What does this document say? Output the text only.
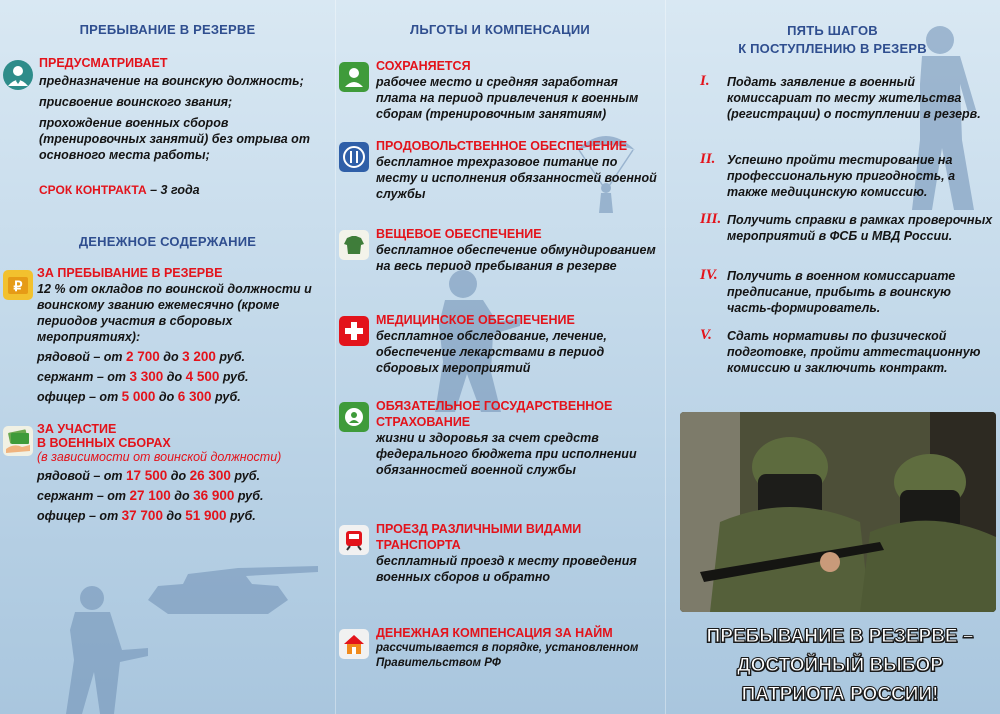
ПРЕБЫВАНИЕ В РЕЗЕРВЕ
ПРЕДУСМАТРИВАЕТ
предназначение на воинскую должность;
присвоение воинского звания;
прохождение военных сборов (тренировочных занятий) без отрыва от основного места работы;
СРОК КОНТРАКТА – 3 года
ДЕНЕЖНОЕ СОДЕРЖАНИЕ
₽
ЗА ПРЕБЫВАНИЕ В РЕЗЕРВЕ
12 % от окладов по воинской должности и воинскому званию ежемесячно (кроме периодов участия в сборовых мероприятиях):
рядовой – от 2 700 до 3 200 руб.
сержант – от 3 300 до 4 500 руб.
офицер – от 5 000 до 6 300 руб.
ЗА УЧАСТИЕ
В ВОЕННЫХ СБОРАХ
(в зависимости от воинской должности)
рядовой – от 17 500 до 26 300 руб.
сержант – от 27 100 до 36 900 руб.
офицер – от 37 700 до 51 900 руб.
ЛЬГОТЫ И КОМПЕНСАЦИИ
СОХРАНЯЕТСЯ
рабочее место и средняя заработная плата на период привлечения к военным сборам (тренировочным занятиям)
ПРОДОВОЛЬСТВЕННОЕ ОБЕСПЕЧЕНИЕ
бесплатное трехразовое питание по месту и исполнения обязанностей военной службы
ВЕЩЕВОЕ ОБЕСПЕЧЕНИЕ
бесплатное обеспечение обмундированием на весь период пребывания в резерве
МЕДИЦИНСКОЕ ОБЕСПЕЧЕНИЕ
бесплатное обследование, лечение, обеспечение лекарствами в период сборовых мероприятий
ОБЯЗАТЕЛЬНОЕ ГОСУДАРСТВЕННОЕ СТРАХОВАНИЕ
жизни и здоровья за счет средств федерального бюджета при исполнении обязанностей военной службы
ПРОЕЗД РАЗЛИЧНЫМИ ВИДАМИ ТРАНСПОРТА
бесплатный проезд к месту проведения военных сборов и обратно
ДЕНЕЖНАЯ КОМПЕНСАЦИЯ ЗА НАЙМ
рассчитывается в порядке, установленном Правительством РФ
ПЯТЬ ШАГОВ
К ПОСТУПЛЕНИЮ В РЕЗЕРВ
I. Подать заявление в военный комиссариат по месту жительства (регистрации) о поступлении в резерв.
II. Успешно пройти тестирование на профессиональную пригодность, а также медицинскую комиссию.
III. Получить справки в рамках проверочных мероприятий в ФСБ и МВД России.
IV. Получить в военном комиссариате предписание, прибыть в воинскую часть-формирователь.
V. Сдать нормативы по физической подготовке, пройти аттестационную комиссию и заключить контракт.
ПРЕБЫВАНИЕ В РЕЗЕРВЕ –
ДОСТОЙНЫЙ ВЫБОР
ПАТРИОТА РОССИИ!
